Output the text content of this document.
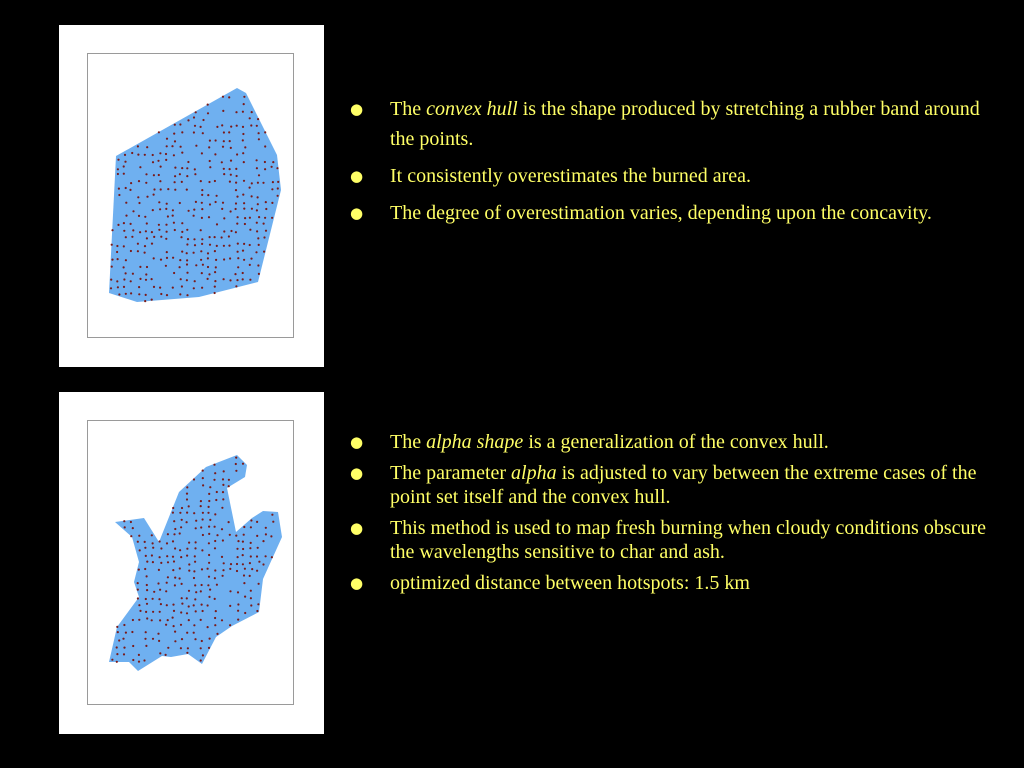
● The convex hull is the shape produced by stretching a rubber band around the points.
● It consistently overestimates the burned area.
● The degree of overestimation varies, depending upon the concavity.
● The alpha shape is a generalization of the convex hull.
● The parameter alpha is adjusted to vary between the extreme cases of the point set itself and the convex hull.
● This method is used to map fresh burning when cloudy conditions obscure the wavelengths sensitive to char and ash.
● optimized distance between hotspots: 1.5 km
